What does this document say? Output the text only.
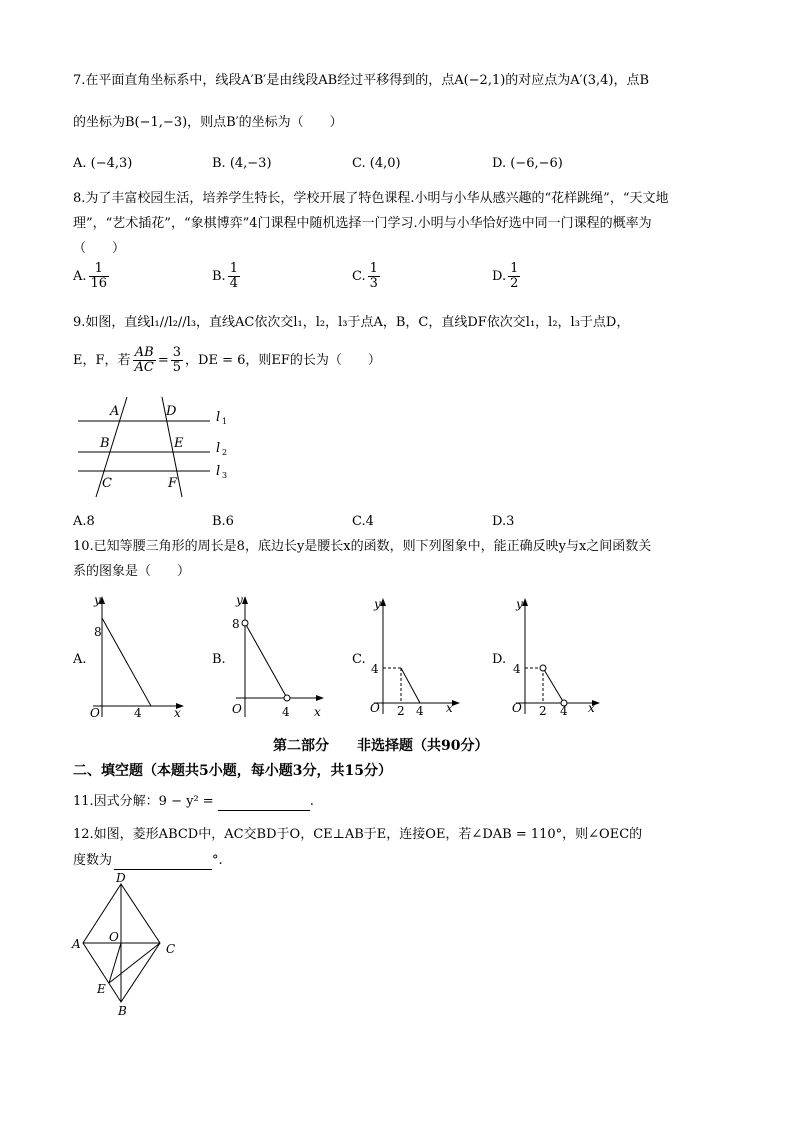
7.在平面直角坐标系中，线段A′B′是由线段AB经过平移得到的，点A(−2,1)的对应点为A′(3,4)，点B
的坐标为B(−1,−3)，则点B′的坐标为（　　）
A. (−4,3)	B. (4,−3)	C. (4,0)	D. (−6,−6)
8.为了丰富校园生活，培养学生特长，学校开展了特色课程.小明与小华从感兴趣的“花样跳绳”，“天文地
理”，“艺术插花”，“象棋博弈”4门课程中随机选择一门学习.小明与小华恰好选中同一门课程的概率为
（　　）
A. $\frac{1}{16}$	B. $\frac{1}{4}$	C. $\frac{1}{3}$	D. $\frac{1}{2}$
9.如图，直线l₁//l₂//l₃，直线AC依次交l₁，l₂，l₃于点A，B，C，直线DF依次交l₁，l₂，l₃于点D，
E，F，若 $\frac{AB}{AC} = \frac{3}{5}$ ，DE = 6，则EF的长为（　　）
A	D
B	E
C	F
l 1
l 2
l 3
A.8	B.6	C.4	D.3
10.已知等腰三角形的周长是8，底边长y是腰长x的函数，则下列图象中，能正确反映y与x之间函数关
系的图象是（　　）
A.
y
x
O
8
4
B.
y
x
O
8
4
C.
y
x
O
4
2 4
D.
y
x
O
4
2 4
第二部分　　非选择题（共90分）
二、填空题（本题共5小题，每小题3分，共15分）
11.因式分解：9 − y² =	.
12.如图，菱形ABCD中，AC交BD于O，CE⊥AB于E，连接OE，若∠DAB = 110°，则∠OEC的
度数为	°.
D
A	C
O
E
B
